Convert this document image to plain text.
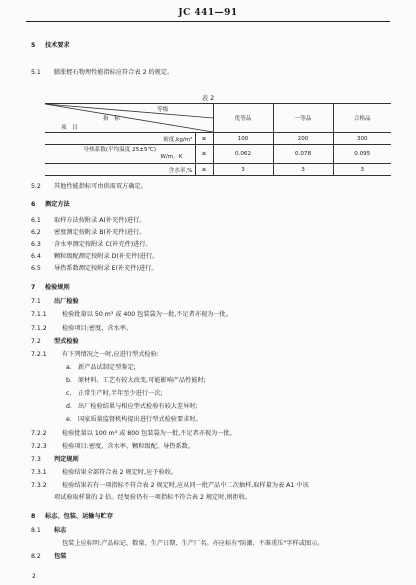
JC 441—91
5 技术要求
5.1 膨胀蛭石物理性能指标应符合表 2 的规定。
表 2
等级
指　标
项　目		优等品	一等品	合格品
密度,kg/m³	≤	100	200	300

导热系数(平均温度 25±5℃)
W/m．K	≤	0.062	0.078	0.095
含水率,%	≤	3	3	3
5.2 其他性能指标可由供需双方确定。
6 测定方法
6.1 取样方法按附录 A(补充件)进行。
6.2 密度测定按附录 B(补充件)进行。
6.3 含水率测定按附录 C(补充件)进行。
6.4 颗粒级配测定按附录 D(补充件)进行。
6.5 导热系数测定按附录 E(补充件)进行。
7 检验规则
7.1 出厂检验
7.1.1 检验批量以 50 m³ 或 400 包装袋为一批,不足者亦视为一批。
7.1.2 检验项目:密度、含水率。
7.2 型式检验
7.2.1 有下列情况之一时,应进行型式检验:
a. 新产品试制定型鉴定;
b. 原材料、工艺有较大改变,可能影响产品性能时;
c. 正常生产时,半年至少进行一次;
d. 出厂检验结果与相应型式检验有较大差异时;
e. 国家质量监督机构提出进行型式检验要求时。
7.2.2 检验批量以 100 m³ 或 800 包装袋为一批,不足者亦视为一批。
7.2.3 检验项目:密度、含水率、颗粒级配、导热系数。
7.3 判定规则
7.3.1 检验结果全部符合表 2 规定时,应予验收。
7.3.2 检验结果若有一项指标不符合表 2 规定时,应从同一批产品中二次抽样,取样量为表 A1 中该
项试验取样量的 2 倍。经复验仍有一项指标不符合表 2 规定时,则拒收。
8 标志、包装、运输与贮存
8.1 标志
包装上应标明:产品标记、数量、生产日期、生产厂名。亦应标有"防潮、不准重压"字样或图示。
8.2 包装
2
